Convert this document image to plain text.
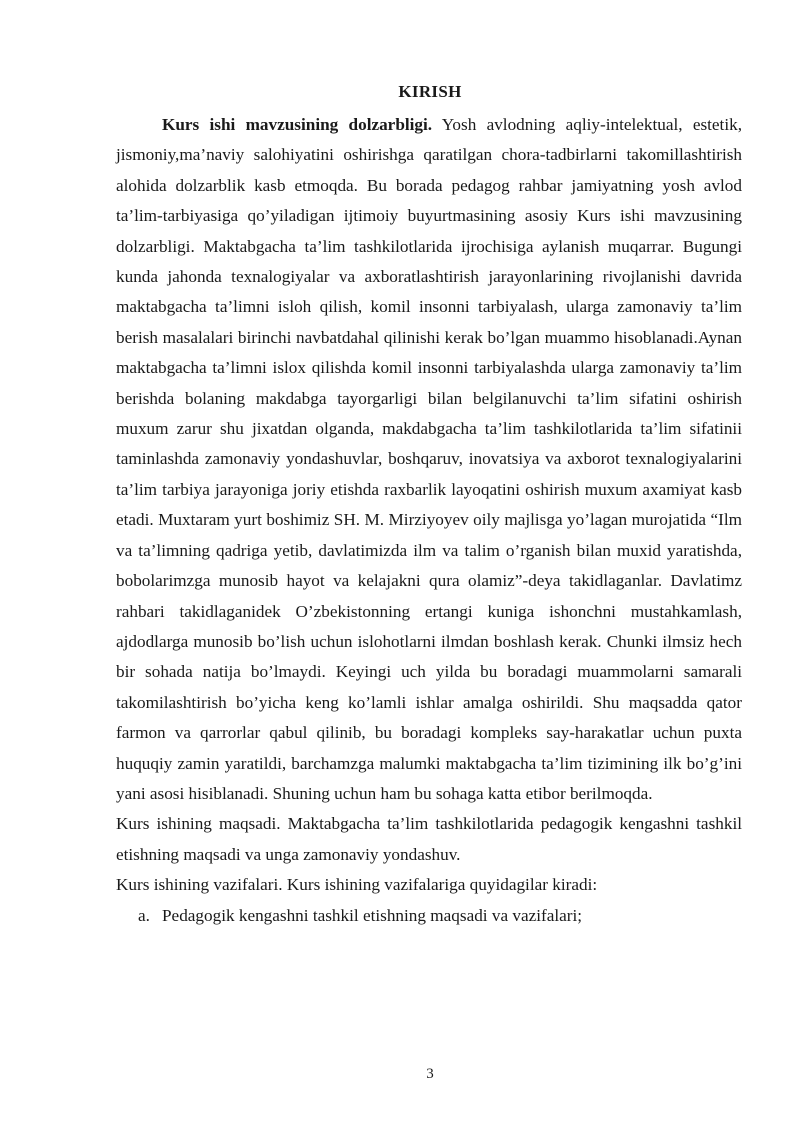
KIRISH

Kurs ishi mavzusining dolzarbligi. Yosh avlodning aqliy-intelektual, estetik, jismoniy,ma’naviy salohiyatini oshirishga qaratilgan chora-tadbirlarni takomillashtirish alohida dolzarblik kasb etmoqda. Bu borada pedagog rahbar jamiyatning yosh avlod ta’lim-tarbiyasiga qo’yiladigan ijtimoiy buyurtmasining asosiy Kurs ishi mavzusining dolzarbligi. Maktabgacha ta’lim tashkilotlarida ijrochisiga aylanish muqarrar. Bugungi kunda jahonda texnalogiyalar va axboratlashtirish jarayonlarining rivojlanishi davrida maktabgacha ta’limni isloh qilish, komil insonni tarbiyalash, ularga zamonaviy ta’lim berish masalalari birinchi navbatdahal qilinishi kerak bo’lgan muammo hisoblanadi.Aynan maktabgacha ta’limni islox qilishda komil insonni tarbiyalashda ularga zamonaviy ta’lim berishda bolaning makdabga tayorgarligi bilan belgilanuvchi ta’lim sifatini oshirish muxum zarur shu jixatdan olganda, makdabgacha ta’lim tashkilotlarida ta’lim sifatinii taminlashda zamonaviy yondashuvlar, boshqaruv, inovatsiya va axborot texnalogiyalarini ta’lim tarbiya jarayoniga joriy etishda raxbarlik layoqatini oshirish muxum axamiyat kasb etadi. Muxtaram yurt boshimiz SH. M. Mirziyoyev oily majlisga yo’lagan murojatida “Ilm va ta’limning qadriga yetib, davlatimizda ilm va talim o’rganish bilan muxid yaratishda, bobolarimzga munosib hayot va kelajakni qura olamiz”-deya takidlaganlar. Davlatimz rahbari takidlaganidek O’zbekistonning ertangi kuniga ishonchni mustahkamlash, ajdodlarga munosib bo’lish uchun islohotlarni ilmdan boshlash kerak. Chunki ilmsiz hech bir sohada natija bo’lmaydi. Keyingi uch yilda bu boradagi muammolarni samarali takomilashtirish bo’yicha keng ko’lamli ishlar amalga oshirildi. Shu maqsadda qator farmon va qarrorlar qabul qilinib, bu boradagi kompleks say-harakatlar uchun puxta huquqiy zamin yaratildi, barchamzga malumki maktabgacha ta’lim tizimining ilk bo’g’ini yani asosi hisiblanadi. Shuning uchun ham bu sohaga katta etibor berilmoqda.

Kurs ishining maqsadi. Maktabgacha ta’lim tashkilotlarida pedagogik kengashni tashkil etishning maqsadi va unga zamonaviy yondashuv.

Kurs ishining vazifalari. Kurs ishining vazifalariga quyidagilar kiradi:

a. Pedagogik kengashni tashkil etishning maqsadi va vazifalari;
3
